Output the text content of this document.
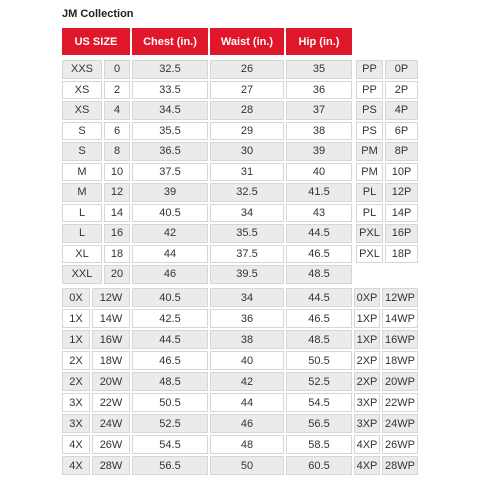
JM Collection
US SIZE	Chest (in.)	Waist (in.)	Hip (in.)
XXS	0	32.5	26	35	PP	0P
XS	2	33.5	27	36	PP	2P
XS	4	34.5	28	37	PS	4P
S	6	35.5	29	38	PS	6P
S	8	36.5	30	39	PM	8P
M	10	37.5	31	40	PM	10P
M	12	39	32.5	41.5	PL	12P
L	14	40.5	34	43	PL	14P
L	16	42	35.5	44.5	PXL	16P
XL	18	44	37.5	46.5	PXL	18P
XXL	20	46	39.5	48.5
0X	12W	40.5	34	44.5	0XP 12WP
1X	14W	42.5	36	46.5	1XP 14WP
1X	16W	44.5	38	48.5	1XP 16WP
2X	18W	46.5	40	50.5	2XP 18WP
2X	20W	48.5	42	52.5	2XP 20WP
3X	22W	50.5	44	54.5	3XP 22WP
3X	24W	52.5	46	56.5	3XP 24WP
4X	26W	54.5	48	58.5	4XP 26WP
4X	28W	56.5	50	60.5	4XP 28WP
